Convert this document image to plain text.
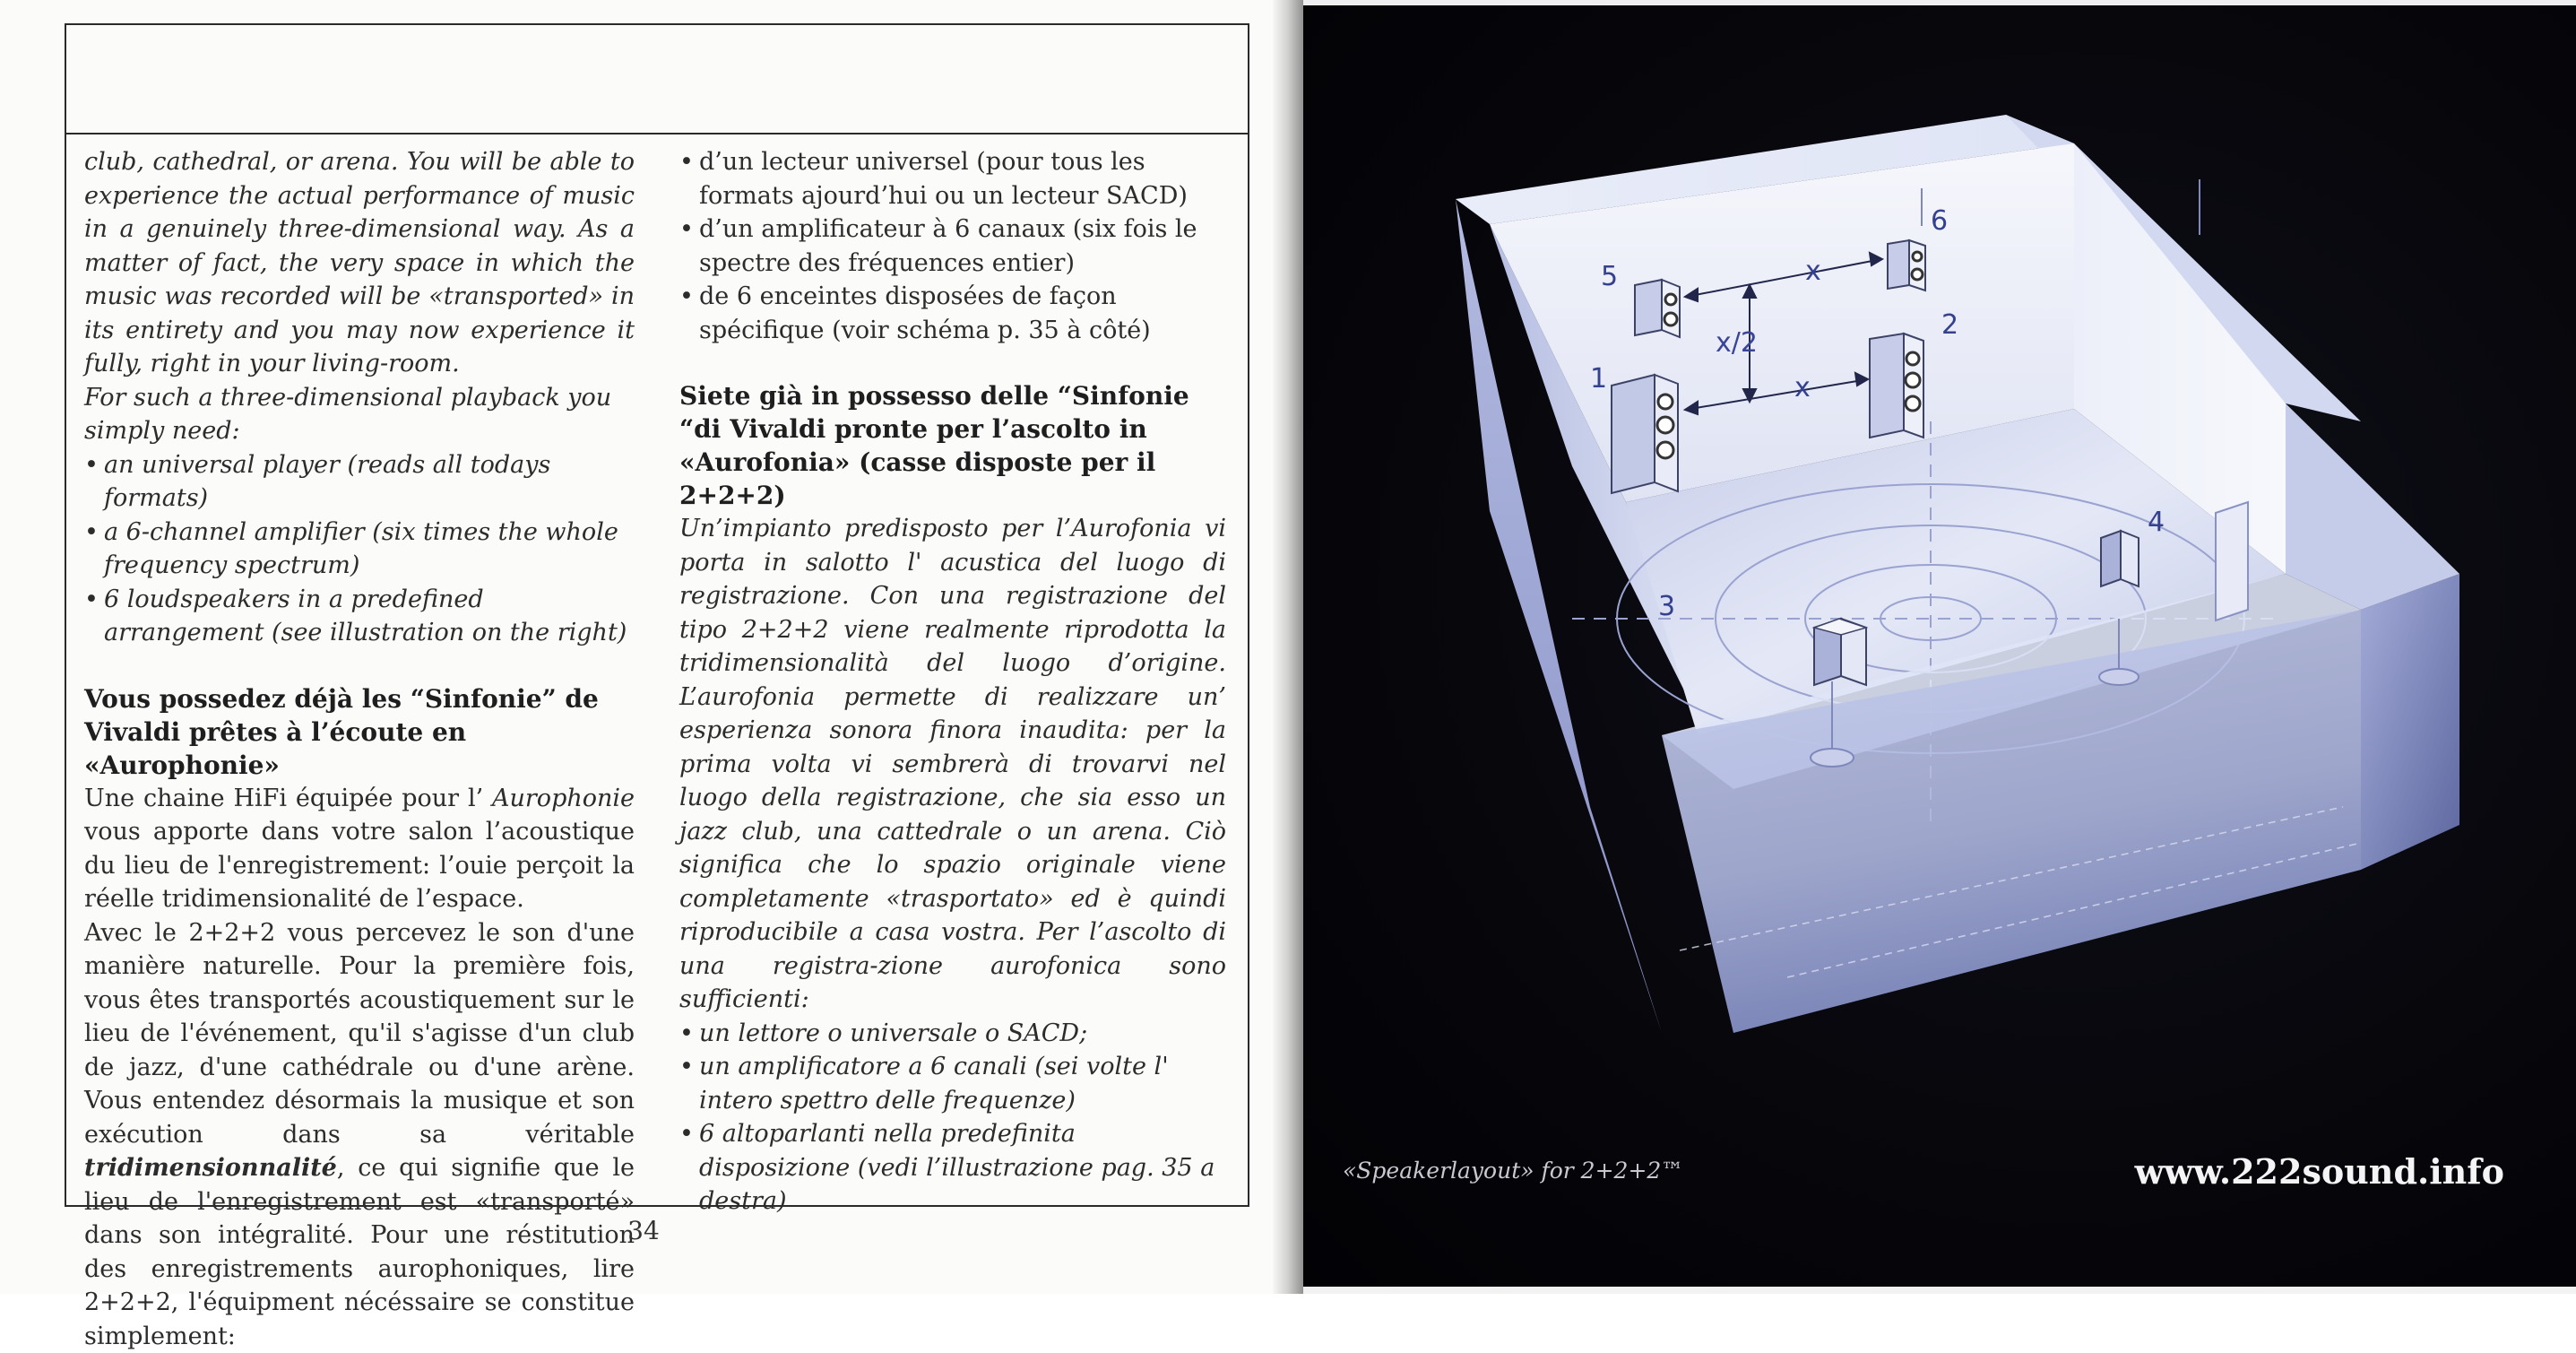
club, cathedral, or arena. You will be able to experience the actual performance of music in a genuinely three-dimensional way. As a matter of fact, the very space in which the music was recorded will be «transported» in its entirety and you may now experience it fully, right in your living-room.

For such a three-dimensional playback you simply need:

• an universal player (reads all todays formats)
• a 6-channel amplifier (six times the whole frequency spectrum)
• 6 loudspeakers in a predefined arrangement (see illustration on the right)
Vous possedez déjà les “Sinfonie” de Vivaldi prêtes à l’écoute en «Aurophonie»

Une chaine HiFi équipée pour l’ Aurophonie vous apporte dans votre salon l’acoustique du lieu de l'enregistrement: l’ouie perçoit la réelle tridimensionalité de l’espace.

Avec le 2+2+2 vous percevez le son d'une manière naturelle. Pour la première fois, vous êtes transportés acoustiquement sur le lieu de l'événement, qu'il s'agisse d'un club de jazz, d'une cathédrale ou d'une arène. Vous entendez désormais la musique et son exécution dans sa véritable tridimensionnalité, ce qui signifie que le lieu de l'enregistrement est «transporté» dans son intégralité. Pour une réstitution des enregistrements aurophoniques, lire 2+2+2, l'équipment nécéssaire se constitue simplement:

• d’un lecteur universel (pour tous les formats ajourd’hui ou un lecteur SACD)
• d’un amplificateur à 6 canaux (six fois le spectre des fréquences entier)
• de 6 enceintes disposées de façon spécifique (voir schéma p. 35 à côté)
Siete già in possesso delle “Sinfonie “di Vivaldi pronte per l’ascolto in «Aurofonia» (casse disposte per il 2+2+2)

Un’impianto predisposto per l’Aurofonia vi porta in salotto l' acustica del luogo di registrazione. Con una registrazione del tipo 2+2+2 viene realmente riprodotta la tridimensionalità del luogo d’origine. L’aurofonia permette di realizzare un’ esperienza sonora finora inaudita: per la prima volta vi sembrerà di trovarvi nel luogo della registrazione, che sia esso un jazz club, una cattedrale o un arena. Ciò significa che lo spazio originale viene completamente «trasportato» ed è quindi riproducibile a casa vostra. Per l’ascolto di una registra-zione aurofonica sono sufficienti:

• un lettore o universale o SACD;
• un amplificatore a 6 canali (sei volte l' intero spettro delle frequenze)
• 6 altoparlanti nella predefinita disposizione (vedi l’illustrazione pag. 35 a destra)
34
1
2
3
4
5
6
x
x
x/2
«Speakerlayout» for 2+2+2™	www.222sound.info
